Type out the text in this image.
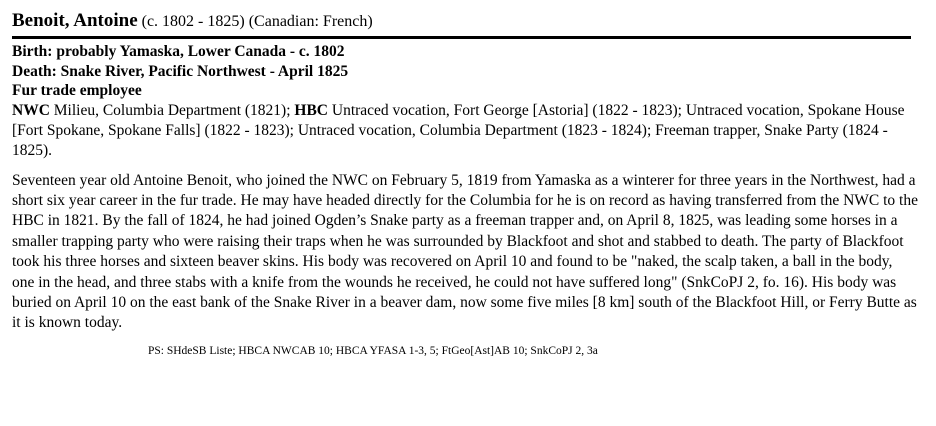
Benoit, Antoine (c. 1802 - 1825) (Canadian: French)
Birth: probably Yamaska, Lower Canada - c. 1802
Death: Snake River, Pacific Northwest - April 1825
Fur trade employee
NWC Milieu, Columbia Department (1821); HBC Untraced vocation, Fort George [Astoria] (1822 - 1823); Untraced vocation, Spokane House [Fort Spokane, Spokane Falls] (1822 - 1823); Untraced vocation, Columbia Department (1823 - 1824); Freeman trapper, Snake Party (1824 - 1825).
Seventeen year old Antoine Benoit, who joined the NWC on February 5, 1819 from Yamaska as a winterer for three years in the Northwest, had a short six year career in the fur trade. He may have headed directly for the Columbia for he is on record as having transferred from the NWC to the HBC in 1821. By the fall of 1824, he had joined Ogden’s Snake party as a freeman trapper and, on April 8, 1825, was leading some horses in a smaller trapping party who were raising their traps when he was surrounded by Blackfoot and shot and stabbed to death. The party of Blackfoot took his three horses and sixteen beaver skins. His body was recovered on April 10 and found to be "naked, the scalp taken, a ball in the body, one in the head, and three stabs with a knife from the wounds he received, he could not have suffered long" (SnkCoPJ 2, fo. 16). His body was buried on April 10 on the east bank of the Snake River in a beaver dam, now some five miles [8 km] south of the Blackfoot Hill, or Ferry Butte as it is known today.
PS: SHdeSB Liste; HBCA NWCAB 10; HBCA YFASA 1-3, 5; FtGeo[Ast]AB 10; SnkCoPJ 2, 3a
